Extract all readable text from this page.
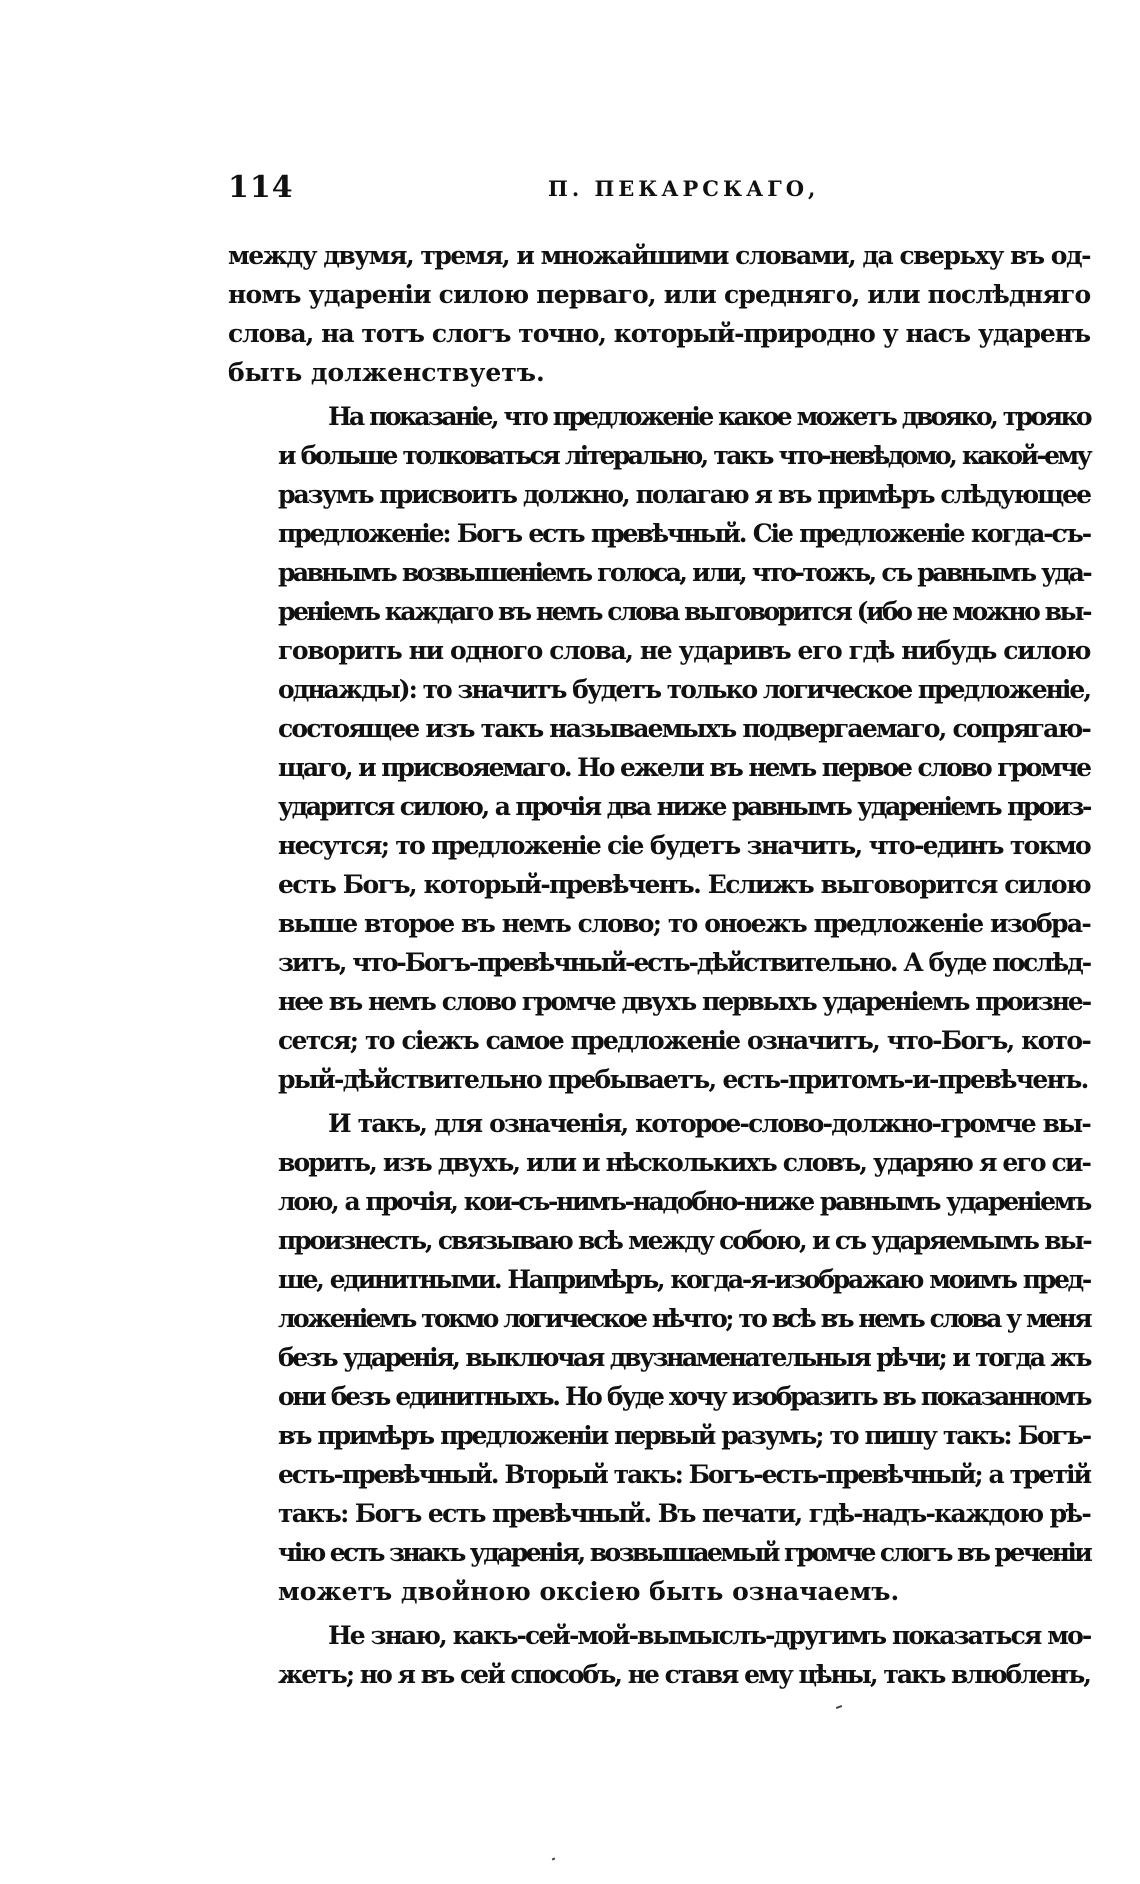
114	П. ПЕКАРСКАГО,
между двумя, тремя, и множайшими словами, да сверьху въ од-
номъ ударенiи силою перваго, или средняго, или послѣдняго
слова, на тотъ слогъ точно, который-природно у насъ ударенъ
быть долженствуетъ.
На показанiе, что предложенiе какое можетъ двояко, трояко
и больше толковаться лiтерально, такъ что-невѣдомо, какой-ему
разумъ присвоить должно, полагаю я въ примѣръ слѣдующее
предложенiе: Богъ есть превѣчный. Сiе предложенiе когда-съ-
равнымъ возвышенiемъ голоса, или, что-тожъ, съ равнымъ уда-
ренiемъ каждаго въ немъ слова выговорится (ибо не можно вы-
говорить ни одного слова, не ударивъ его гдѣ нибудь силою
однажды): то значитъ будетъ только логическое предложенiе,
состоящее изъ такъ называемыхъ подвергаемаго, сопрягаю-
щаго, и присвояемаго. Но ежели въ немъ первое слово громче
ударится силою, а прочiя два ниже равнымъ ударенiемъ произ-
несутся; то предложенiе сiе будетъ значить, что-единъ токмо
есть Богъ, который-превѣченъ. Еслижъ выговорится силою
выше второе въ немъ слово; то оноежъ предложенiе изобра-
зитъ, что-Богъ-превѣчный-есть-дѣйствительно. А буде послѣд-
нее въ немъ слово громче двухъ первыхъ ударенiемъ произне-
сется; то сiежъ самое предложенiе означитъ, что-Богъ, кото-
рый-дѣйствительно пребываетъ, есть-притомъ-и-превѣченъ.
И такъ, для означенiя, которое-слово-должно-громче вы-
ворить, изъ двухъ, или и нѣсколькихъ словъ, ударяю я его си-
лою, а прочiя, кои-съ-нимъ-надобно-ниже равнымъ ударенiемъ
произнесть, связываю всѣ между собою, и съ ударяемымъ вы-
ше, единитными. Напримѣръ, когда-я-изображаю моимъ пред-
ложенiемъ токмо логическое нѣчто; то всѣ въ немъ слова у меня
безъ ударенiя, выключая двузнаменательныя рѣчи; и тогда жъ
они безъ единитныхъ. Но буде хочу изобразить въ показанномъ
въ примѣръ предложенiи первый разумъ; то пишу такъ: Богъ-
есть-превѣчный. Вторый такъ: Богъ-есть-превѣчный; а третiй
такъ: Богъ есть превѣчный. Въ печати, гдѣ-надъ-каждою рѣ-
чiю есть знакъ ударенiя, возвышаемый громче слогъ въ реченiи
можетъ двойною оксiею быть означаемъ.
Не знаю, какъ-сей-мой-вымыслъ-другимъ показаться мо-
жетъ; но я въ сей способъ, не ставя ему цѣны, такъ влюбленъ,
